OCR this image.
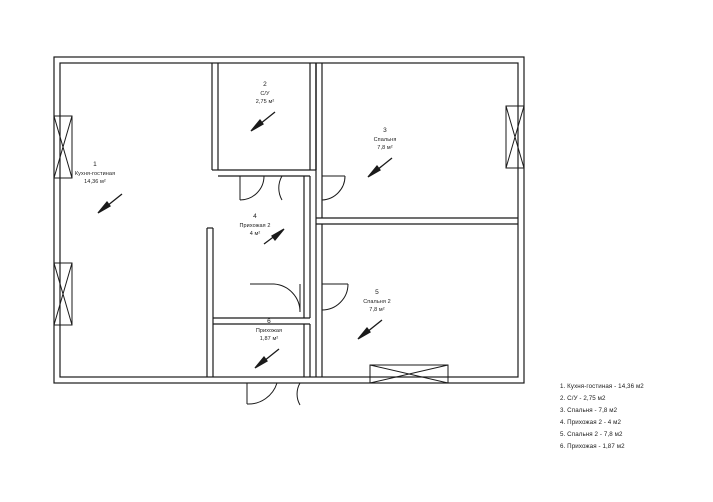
1
Кухня-гостиная
14,36 м²
2
С/У
2,75 м²
3
Спальня
7,8 м²
4
Прихожая 2
4 м²
5
Спальня 2
7,8 м²
6
Прихожая
1,87 м²
1. Кухня-гостиная - 14,36 м2
2. С/У - 2,75 м2
3. Спальня - 7,8 м2
4. Прихожая 2 - 4 м2
5. Спальня 2 - 7,8 м2
6. Прихожая - 1,87 м2
